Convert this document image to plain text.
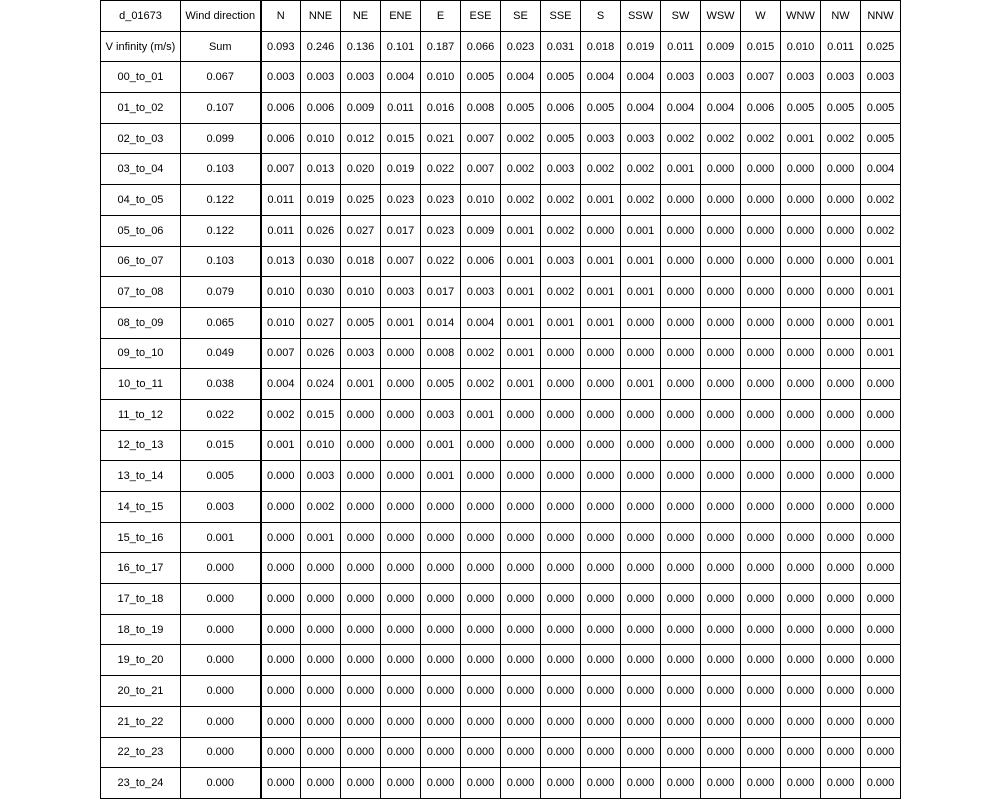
d_01673	Wind direction	N	NNE	NE	ENE	E	ESE	SE	SSE	S	SSW	SW	WSW	W	WNW	NW	NNW
V infinity (m/s)	Sum	0.093	0.246	0.136	0.101	0.187	0.066	0.023	0.031	0.018	0.019	0.011	0.009	0.015	0.010	0.011	0.025
00_to_01	0.067	0.003	0.003	0.003	0.004	0.010	0.005	0.004	0.005	0.004	0.004	0.003	0.003	0.007	0.003	0.003	0.003
01_to_02	0.107	0.006	0.006	0.009	0.011	0.016	0.008	0.005	0.006	0.005	0.004	0.004	0.004	0.006	0.005	0.005	0.005
02_to_03	0.099	0.006	0.010	0.012	0.015	0.021	0.007	0.002	0.005	0.003	0.003	0.002	0.002	0.002	0.001	0.002	0.005
03_to_04	0.103	0.007	0.013	0.020	0.019	0.022	0.007	0.002	0.003	0.002	0.002	0.001	0.000	0.000	0.000	0.000	0.004
04_to_05	0.122	0.011	0.019	0.025	0.023	0.023	0.010	0.002	0.002	0.001	0.002	0.000	0.000	0.000	0.000	0.000	0.002
05_to_06	0.122	0.011	0.026	0.027	0.017	0.023	0.009	0.001	0.002	0.000	0.001	0.000	0.000	0.000	0.000	0.000	0.002
06_to_07	0.103	0.013	0.030	0.018	0.007	0.022	0.006	0.001	0.003	0.001	0.001	0.000	0.000	0.000	0.000	0.000	0.001
07_to_08	0.079	0.010	0.030	0.010	0.003	0.017	0.003	0.001	0.002	0.001	0.001	0.000	0.000	0.000	0.000	0.000	0.001
08_to_09	0.065	0.010	0.027	0.005	0.001	0.014	0.004	0.001	0.001	0.001	0.000	0.000	0.000	0.000	0.000	0.000	0.001
09_to_10	0.049	0.007	0.026	0.003	0.000	0.008	0.002	0.001	0.000	0.000	0.000	0.000	0.000	0.000	0.000	0.000	0.001
10_to_11	0.038	0.004	0.024	0.001	0.000	0.005	0.002	0.001	0.000	0.000	0.001	0.000	0.000	0.000	0.000	0.000	0.000
11_to_12	0.022	0.002	0.015	0.000	0.000	0.003	0.001	0.000	0.000	0.000	0.000	0.000	0.000	0.000	0.000	0.000	0.000
12_to_13	0.015	0.001	0.010	0.000	0.000	0.001	0.000	0.000	0.000	0.000	0.000	0.000	0.000	0.000	0.000	0.000	0.000
13_to_14	0.005	0.000	0.003	0.000	0.000	0.001	0.000	0.000	0.000	0.000	0.000	0.000	0.000	0.000	0.000	0.000	0.000
14_to_15	0.003	0.000	0.002	0.000	0.000	0.000	0.000	0.000	0.000	0.000	0.000	0.000	0.000	0.000	0.000	0.000	0.000
15_to_16	0.001	0.000	0.001	0.000	0.000	0.000	0.000	0.000	0.000	0.000	0.000	0.000	0.000	0.000	0.000	0.000	0.000
16_to_17	0.000	0.000	0.000	0.000	0.000	0.000	0.000	0.000	0.000	0.000	0.000	0.000	0.000	0.000	0.000	0.000	0.000
17_to_18	0.000	0.000	0.000	0.000	0.000	0.000	0.000	0.000	0.000	0.000	0.000	0.000	0.000	0.000	0.000	0.000	0.000
18_to_19	0.000	0.000	0.000	0.000	0.000	0.000	0.000	0.000	0.000	0.000	0.000	0.000	0.000	0.000	0.000	0.000	0.000
19_to_20	0.000	0.000	0.000	0.000	0.000	0.000	0.000	0.000	0.000	0.000	0.000	0.000	0.000	0.000	0.000	0.000	0.000
20_to_21	0.000	0.000	0.000	0.000	0.000	0.000	0.000	0.000	0.000	0.000	0.000	0.000	0.000	0.000	0.000	0.000	0.000
21_to_22	0.000	0.000	0.000	0.000	0.000	0.000	0.000	0.000	0.000	0.000	0.000	0.000	0.000	0.000	0.000	0.000	0.000
22_to_23	0.000	0.000	0.000	0.000	0.000	0.000	0.000	0.000	0.000	0.000	0.000	0.000	0.000	0.000	0.000	0.000	0.000
23_to_24	0.000	0.000	0.000	0.000	0.000	0.000	0.000	0.000	0.000	0.000	0.000	0.000	0.000	0.000	0.000	0.000	0.000
